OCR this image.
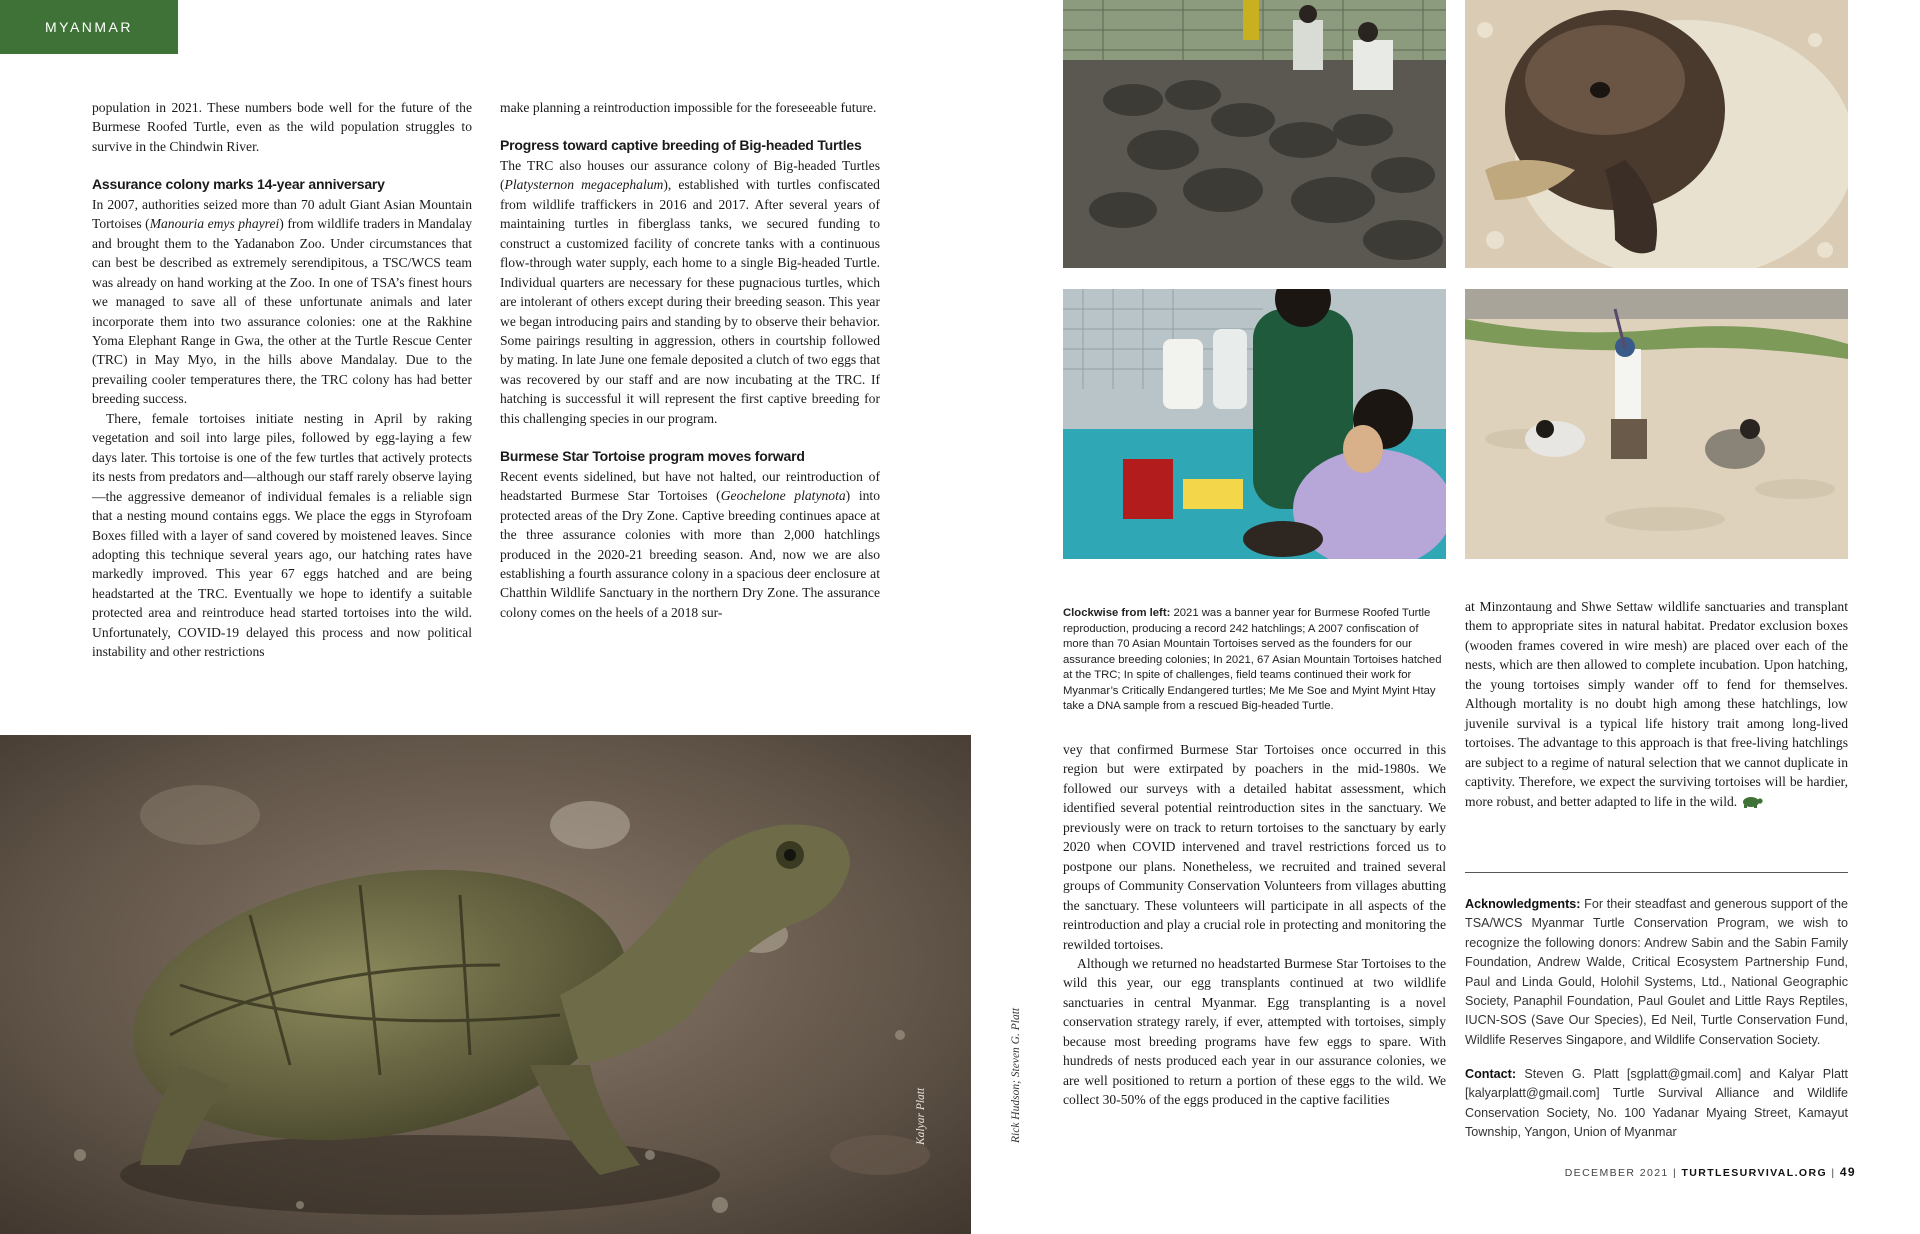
MYANMAR

population in 2021. These numbers bode well for the future of the Burmese Roofed Turtle, even as the wild population struggles to survive in the Chindwin River.

Assurance colony marks 14-year anniversary

In 2007, authorities seized more than 70 adult Giant Asian Mountain Tortoises (Manouria emys phayrei) from wildlife traders in Mandalay and brought them to the Yadanabon Zoo. Under circumstances that can best be described as extremely serendipitous, a TSC/WCS team was already on hand working at the Zoo. In one of TSA’s finest hours we managed to save all of these unfortunate animals and later incorporate them into two assurance colonies: one at the Rakhine Yoma Elephant Range in Gwa, the other at the Turtle Rescue Center (TRC) in May Myo, in the hills above Mandalay. Due to the prevailing cooler temperatures there, the TRC colony has had better breeding success.

There, female tortoises initiate nesting in April by raking vegetation and soil into large piles, followed by egg-laying a few days later. This tortoise is one of the few turtles that actively protects its nests from predators and—although our staff rarely observe laying—the aggressive demeanor of individual females is a reliable sign that a nesting mound contains eggs. We place the eggs in Styrofoam Boxes filled with a layer of sand covered by moistened leaves. Since adopting this technique several years ago, our hatching rates have markedly improved. This year 67 eggs hatched and are being headstarted at the TRC. Eventually we hope to identify a suitable protected area and reintroduce head started tortoises into the wild. Unfortunately, COVID-19 delayed this process and now political instability and other restrictions

make planning a reintroduction impossible for the foreseeable future.

Progress toward captive breeding of Big-headed Turtles

The TRC also houses our assurance colony of Big-headed Turtles (Platysternon megacephalum), established with turtles confiscated from wildlife traffickers in 2016 and 2017. After several years of maintaining turtles in fiberglass tanks, we secured funding to construct a customized facility of concrete tanks with a continuous flow-through water supply, each home to a single Big-headed Turtle. Individual quarters are necessary for these pugnacious turtles, which are intolerant of others except during their breeding season. This year we began introducing pairs and standing by to observe their behavior. Some pairings resulting in aggression, others in courtship followed by mating. In late June one female deposited a clutch of two eggs that was recovered by our staff and are now incubating at the TRC. If hatching is successful it will represent the first captive breeding for this challenging species in our program.

Burmese Star Tortoise program moves forward

Recent events sidelined, but have not halted, our reintroduction of headstarted Burmese Star Tortoises (Geochelone platynota) into protected areas of the Dry Zone. Captive breeding continues apace at the three assurance colonies with more than 2,000 hatchlings produced in the 2020-21 breeding season. And, now we are also establishing a fourth assurance colony in a spacious deer enclosure at Chatthin Wildlife Sanctuary in the northern Dry Zone. The assurance colony comes on the heels of a 2018 sur-

Kalyar Platt	Rick Hudson; Steven G. Platt
Clockwise from left: 2021 was a banner year for Burmese Roofed Turtle reproduction, producing a record 242 hatchlings; A 2007 confiscation of more than 70 Asian Mountain Tortoises served as the founders for our assurance breeding colonies; In 2021, 67 Asian Mountain Tortoises hatched at the TRC; In spite of challenges, field teams continued their work for Myanmar’s Critically Endangered turtles; Me Me Soe and Myint Myint Htay take a DNA sample from a rescued Big-headed Turtle.

vey that confirmed Burmese Star Tortoises once occurred in this region but were extirpated by poachers in the mid-1980s. We followed our surveys with a detailed habitat assessment, which identified several potential reintroduction sites in the sanctuary. We previously were on track to return tortoises to the sanctuary by early 2020 when COVID intervened and travel restrictions forced us to postpone our plans. Nonetheless, we recruited and trained several groups of Community Conservation Volunteers from villages abutting the sanctuary. These volunteers will participate in all aspects of the reintroduction and play a crucial role in protecting and monitoring the rewilded tortoises.

Although we returned no headstarted Burmese Star Tortoises to the wild this year, our egg transplants continued at two wildlife sanctuaries in central Myanmar. Egg transplanting is a novel conservation strategy rarely, if ever, attempted with tortoises, simply because most breeding programs have few eggs to spare. With hundreds of nests produced each year in our assurance colonies, we are well positioned to return a portion of these eggs to the wild. We collect 30-50% of the eggs produced in the captive facilities

at Minzontaung and Shwe Settaw wildlife sanctuaries and transplant them to appropriate sites in natural habitat. Predator exclusion boxes (wooden frames covered in wire mesh) are placed over each of the nests, which are then allowed to complete incubation. Upon hatching, the young tortoises simply wander off to fend for themselves. Although mortality is no doubt high among these hatchlings, low juvenile survival is a typical life history trait among long-lived tortoises. The advantage to this approach is that free-living hatchlings are subject to a regime of natural selection that we cannot duplicate in captivity. Therefore, we expect the surviving tortoises will be hardier, more robust, and better adapted to life in the wild.

Acknowledgments: For their steadfast and generous support of the TSA/WCS Myanmar Turtle Conservation Program, we wish to recognize the following donors: Andrew Sabin and the Sabin Family Foundation, Andrew Walde, Critical Ecosystem Partnership Fund, Paul and Linda Gould, Holohil Systems, Ltd., National Geographic Society, Panaphil Foundation, Paul Goulet and Little Rays Reptiles, IUCN-SOS (Save Our Species), Ed Neil, Turtle Conservation Fund, Wildlife Reserves Singapore, and Wildlife Conservation Society.
Contact: Steven G. Platt [sgplatt@gmail.com] and Kalyar Platt [kalyarplatt@gmail.com] Turtle Survival Alliance and Wildlife Conservation Society, No. 100 Yadanar Myaing Street, Kamayut Township, Yangon, Union of Myanmar
DECEMBER 2021 | TURTLESURVIVAL.ORG | 49
